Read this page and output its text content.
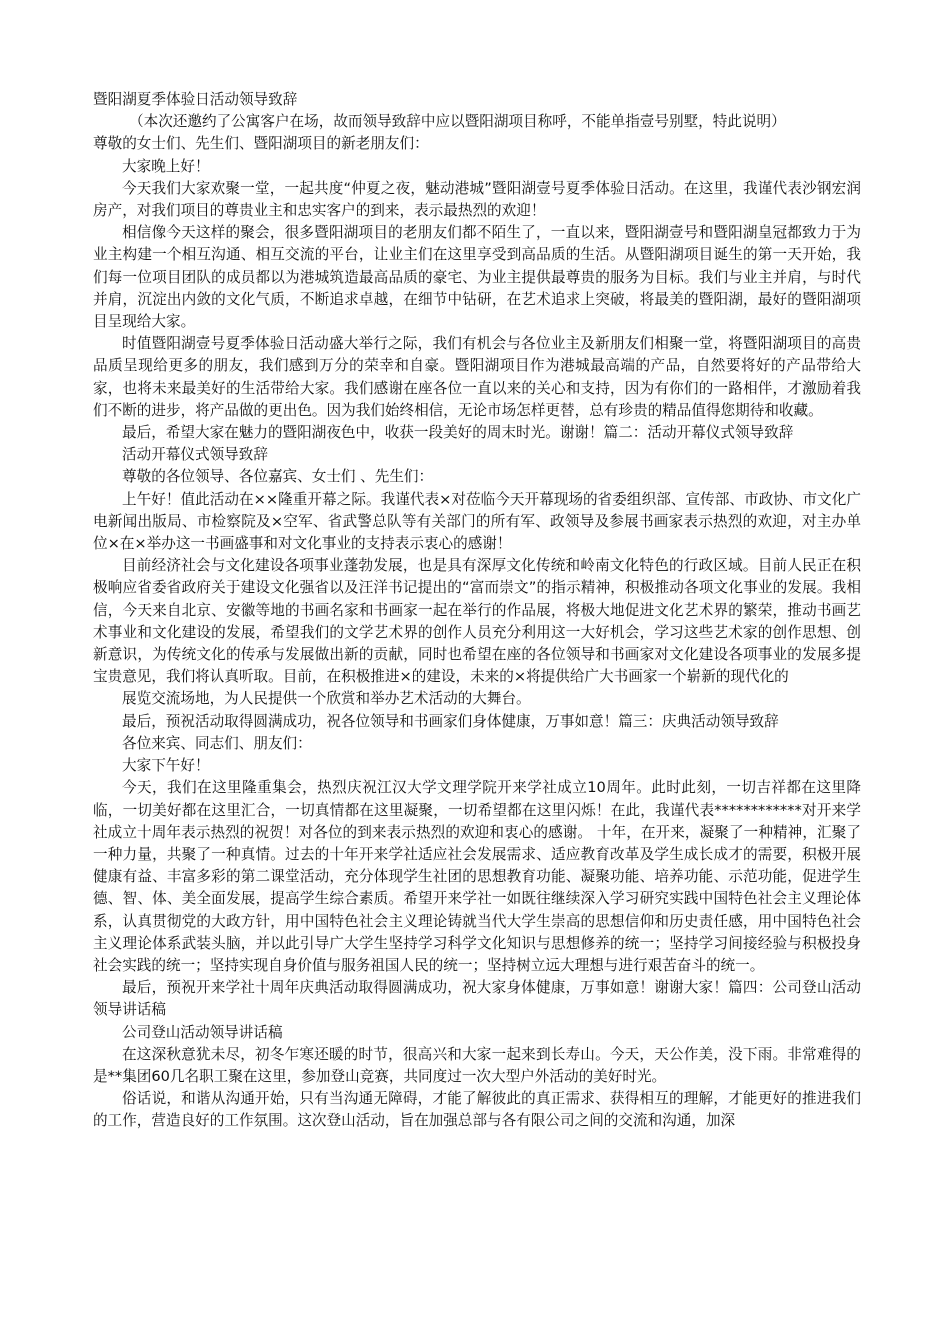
暨阳湖夏季体验日活动领导致辞

（本次还邀约了公寓客户在场，故而领导致辞中应以暨阳湖项目称呼，不能单指壹号别墅，特此说明）

尊敬的女士们、先生们、暨阳湖项目的新老朋友们：

大家晚上好！

今天我们大家欢聚一堂，一起共度“仲夏之夜，魅动港城”暨阳湖壹号夏季体验日活动。在这里，我谨代表沙钢宏润房产，对我们项目的尊贵业主和忠实客户的到来，表示最热烈的欢迎！

相信像今天这样的聚会，很多暨阳湖项目的老朋友们都不陌生了，一直以来，暨阳湖壹号和暨阳湖皇冠都致力于为业主构建一个相互沟通、相互交流的平台，让业主们在这里享受到高品质的生活。从暨阳湖项目诞生的第一天开始，我们每一位项目团队的成员都以为港城筑造最高品质的豪宅、为业主提供最尊贵的服务为目标。我们与业主并肩，与时代并肩，沉淀出内敛的文化气质，不断追求卓越，在细节中钻研，在艺术追求上突破，将最美的暨阳湖，最好的暨阳湖项目呈现给大家。

时值暨阳湖壹号夏季体验日活动盛大举行之际，我们有机会与各位业主及新朋友们相聚一堂，将暨阳湖项目的高贵品质呈现给更多的朋友，我们感到万分的荣幸和自豪。暨阳湖项目作为港城最高端的产品，自然要将好的产品带给大家，也将未来最美好的生活带给大家。我们感谢在座各位一直以来的关心和支持，因为有你们的一路相伴，才激励着我们不断的进步，将产品做的更出色。因为我们始终相信，无论市场怎样更替，总有珍贵的精品值得您期待和收藏。

最后，希望大家在魅力的暨阳湖夜色中，收获一段美好的周末时光。谢谢！篇二：活动开幕仪式领导致辞

活动开幕仪式领导致辞

尊敬的各位领导、各位嘉宾、女士们 、先生们：

上午好！值此活动在××隆重开幕之际。我谨代表×对莅临今天开幕现场的省委组织部、宣传部、市政协、市文化广电新闻出版局、市检察院及×空军、省武警总队等有关部门的所有军、政领导及参展书画家表示热烈的欢迎，对主办单位×在×举办这一书画盛事和对文化事业的支持表示衷心的感谢！

目前经济社会与文化建设各项事业蓬勃发展，也是具有深厚文化传统和岭南文化特色的行政区域。目前人民正在积极响应省委省政府关于建设文化强省以及汪洋书记提出的“富而崇文”的指示精神，积极推动各项文化事业的发展。我相信，今天来自北京、安徽等地的书画名家和书画家一起在举行的作品展，将极大地促进文化艺术界的繁荣，推动书画艺术事业和文化建设的发展，希望我们的文学艺术界的创作人员充分利用这一大好机会，学习这些艺术家的创作思想、创新意识，为传统文化的传承与发展做出新的贡献，同时也希望在座的各位领导和书画家对文化建设各项事业的发展多提宝贵意见，我们将认真听取。目前，在积极推进×的建设，未来的×将提供给广大书画家一个崭新的现代化的

展览交流场地，为人民提供一个欣赏和举办艺术活动的大舞台。

最后，预祝活动取得圆满成功，祝各位领导和书画家们身体健康，万事如意！篇三：庆典活动领导致辞

各位来宾、同志们、朋友们：

大家下午好！

今天，我们在这里隆重集会，热烈庆祝江汉大学文理学院开来学社成立10周年。此时此刻，一切吉祥都在这里降临，一切美好都在这里汇合，一切真情都在这里凝聚，一切希望都在这里闪烁！在此，我谨代表************对开来学社成立十周年表示热烈的祝贺！对各位的到来表示热烈的欢迎和衷心的感谢。 十年，在开来，凝聚了一种精神，汇聚了一种力量，共聚了一种真情。过去的十年开来学社适应社会发展需求、适应教育改革及学生成长成才的需要，积极开展健康有益、丰富多彩的第二课堂活动，充分体现学生社团的思想教育功能、凝聚功能、培养功能、示范功能，促进学生德、智、体、美全面发展，提高学生综合素质。希望开来学社一如既往继续深入学习研究实践中国特色社会主义理论体系，认真贯彻党的大政方针，用中国特色社会主义理论铸就当代大学生崇高的思想信仰和历史责任感，用中国特色社会主义理论体系武装头脑，并以此引导广大学生坚持学习科学文化知识与思想修养的统一；坚持学习间接经验与积极投身社会实践的统一；坚持实现自身价值与服务祖国人民的统一；坚持树立远大理想与进行艰苦奋斗的统一。

最后，预祝开来学社十周年庆典活动取得圆满成功，祝大家身体健康，万事如意！谢谢大家！篇四：公司登山活动领导讲话稿

公司登山活动领导讲话稿

在这深秋意犹未尽，初冬乍寒还暖的时节，很高兴和大家一起来到长寿山。今天，天公作美，没下雨。非常难得的是**集团60几名职工聚在这里，参加登山竞赛，共同度过一次大型户外活动的美好时光。

俗话说，和谐从沟通开始，只有当沟通无障碍，才能了解彼此的真正需求、获得相互的理解，才能更好的推进我们的工作，营造良好的工作氛围。这次登山活动，旨在加强总部与各有限公司之间的交流和沟通，加深
